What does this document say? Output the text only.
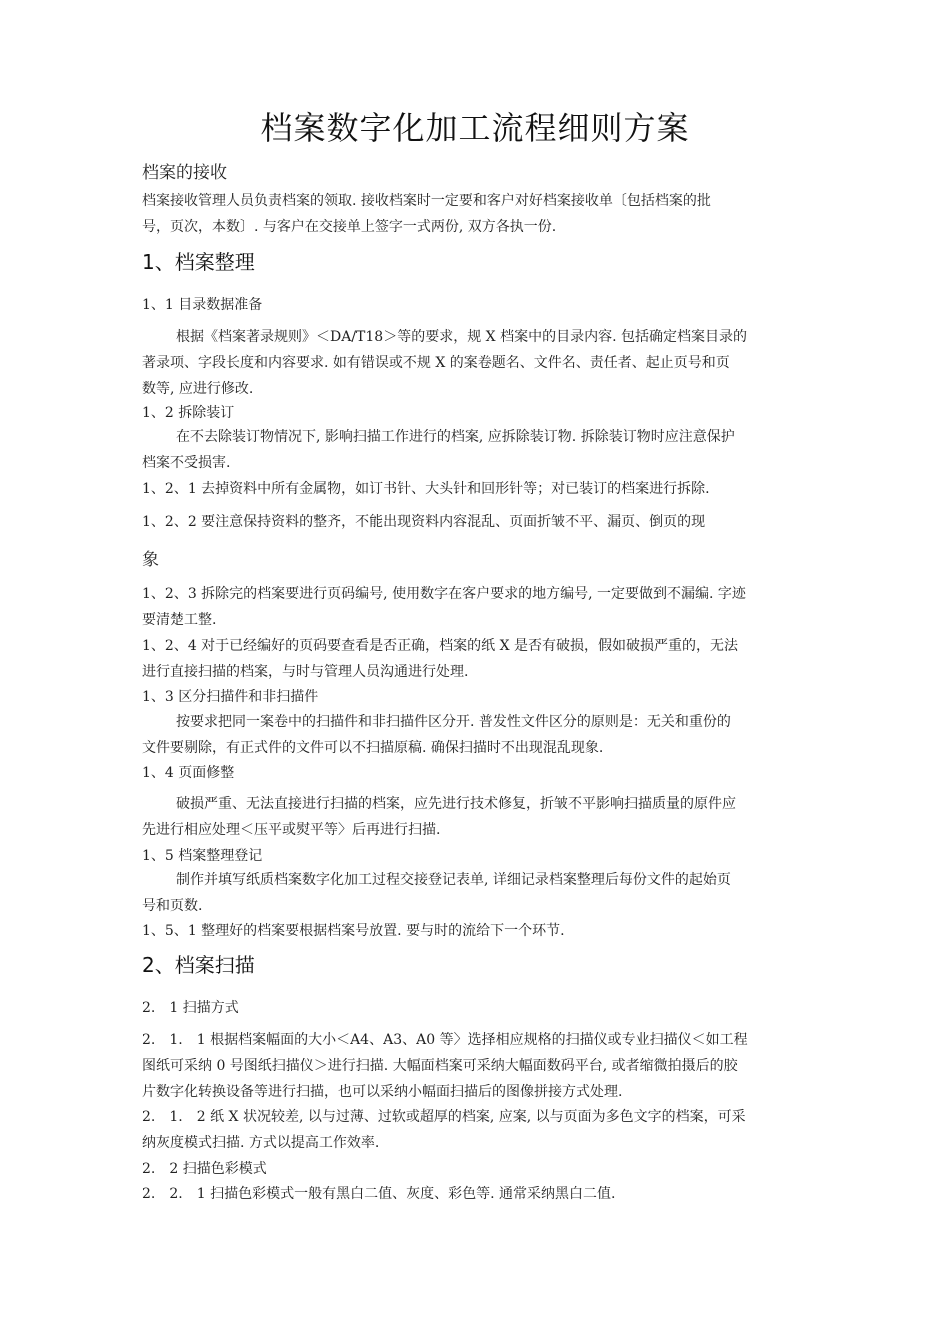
档案数字化加工流程细则方案
档案的接收
档案接收管理人员负责档案的领取. 接收档案时一定要和客户对好档案接收单〔包括档案的批
号，页次，本数〕. 与客户在交接单上签字一式两份, 双方各执一份.
1、档案整理
1、1 目录数据准备
根据《档案著录规则》＜DA/T18＞等的要求，规 X 档案中的目录内容. 包括确定档案目录的
著录项、字段长度和内容要求. 如有错误或不规 X 的案卷题名、文件名、责任者、起止页号和页
数等, 应进行修改.
1、2 拆除装订
在不去除装订物情况下, 影响扫描工作进行的档案, 应拆除装订物. 拆除装订物时应注意保护
档案不受损害.
1、2、1 去掉资料中所有金属物，如订书针、大头针和回形针等；对已装订的档案进行拆除.
1、2、2 要注意保持资料的整齐，不能出现资料内容混乱、页面折皱不平、漏页、倒页的现
象
1、2、3 拆除完的档案要进行页码编号, 使用数字在客户要求的地方编号, 一定要做到不漏编. 字迹
要清楚工整.
1、2、4 对于已经编好的页码要查看是否正确，档案的纸 X 是否有破损，假如破损严重的，无法
进行直接扫描的档案，与时与管理人员沟通进行处理.
1、3 区分扫描件和非扫描件
按要求把同一案卷中的扫描件和非扫描件区分开. 普发性文件区分的原则是：无关和重份的
文件要剔除，有正式件的文件可以不扫描原稿. 确保扫描时不出现混乱现象.
1、4 页面修整
破损严重、无法直接进行扫描的档案，应先进行技术修复，折皱不平影响扫描质量的原件应
先进行相应处理＜压平或熨平等〉后再进行扫描.
1、5 档案整理登记
制作并填写纸质档案数字化加工过程交接登记表单, 详细记录档案整理后每份文件的起始页
号和页数.
1、5、1 整理好的档案要根据档案号放置. 要与时的流给下一个环节.
2、档案扫描
2.　1 扫描方式
2.　1.　1 根据档案幅面的大小＜A4、A3、A0 等〉选择相应规格的扫描仪或专业扫描仪＜如工程
图纸可采纳 0 号图纸扫描仪＞进行扫描. 大幅面档案可采纳大幅面数码平台, 或者缩微拍摄后的胶
片数字化转换设备等进行扫描，也可以采纳小幅面扫描后的图像拼接方式处理.
2.　1.　2 纸 X 状况较差, 以与过薄、过软或超厚的档案, 应案, 以与页面为多色文字的档案，可采
纳灰度模式扫描. 方式以提高工作效率.
2.　2 扫描色彩模式
2.　2.　1 扫描色彩模式一般有黑白二值、灰度、彩色等. 通常采纳黑白二值.
